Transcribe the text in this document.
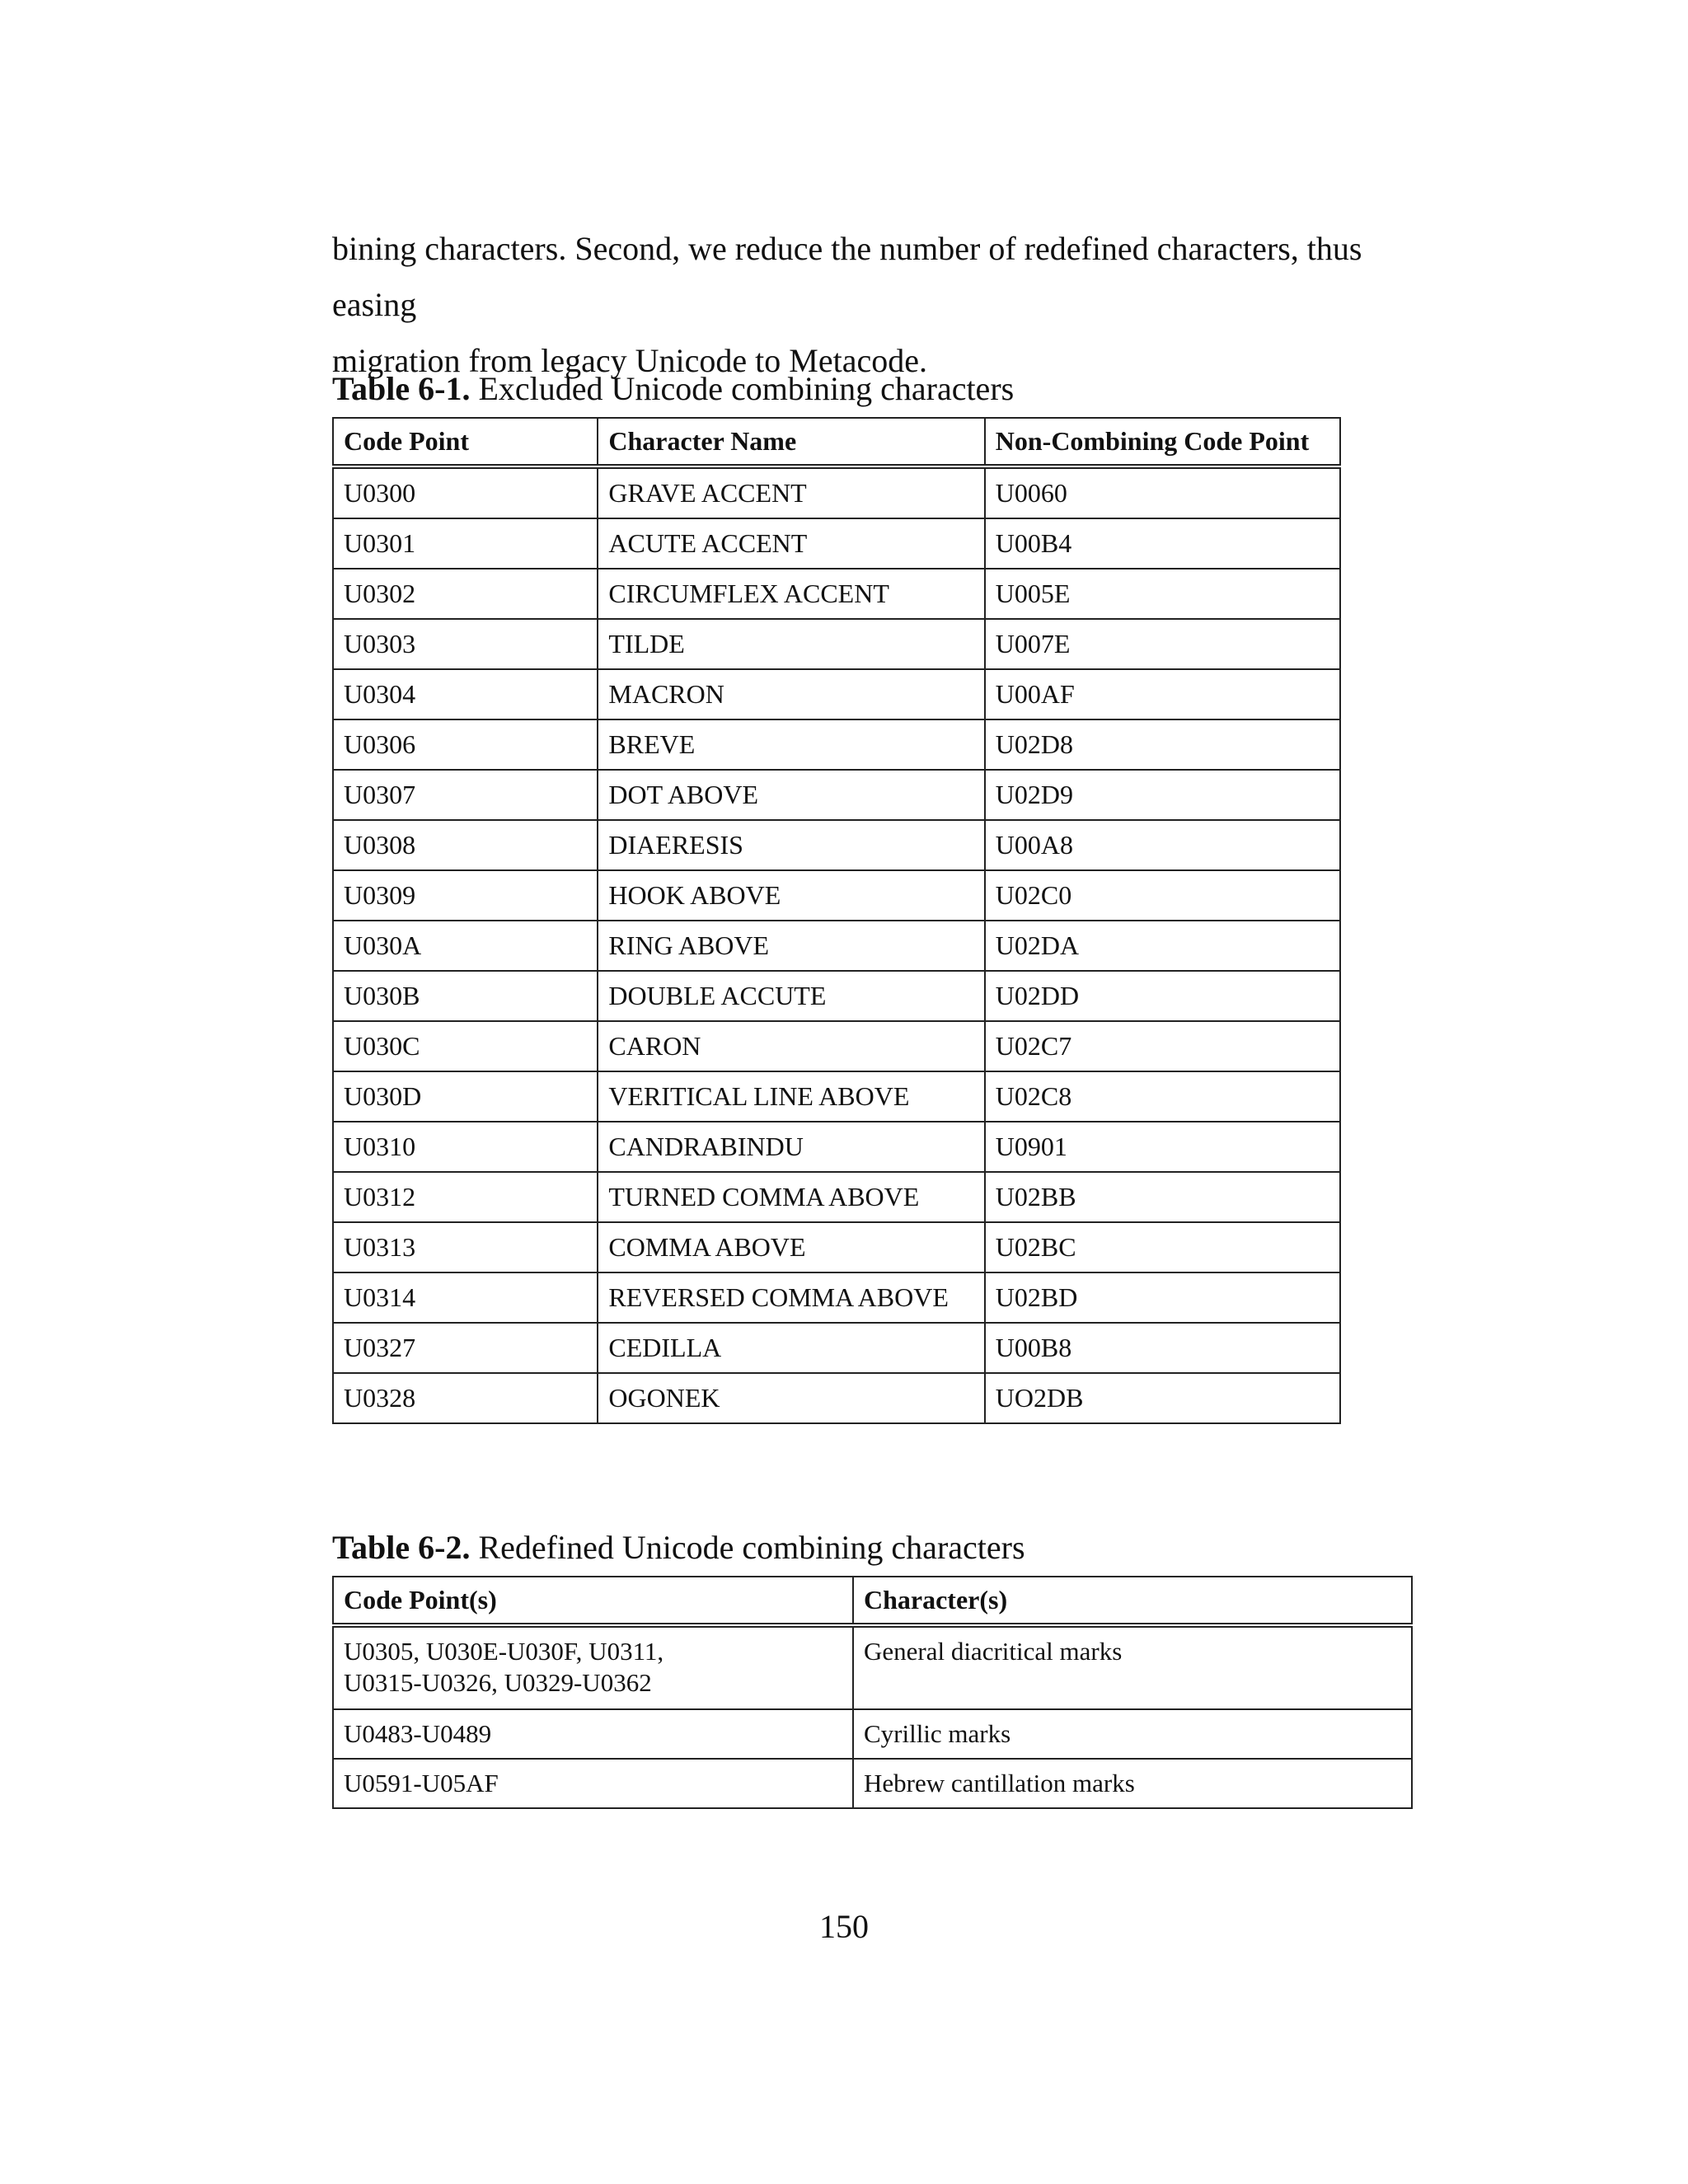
bining characters. Second, we reduce the number of redefined characters, thus easing
migration from legacy Unicode to Metacode.

Table 6-1. Excluded Unicode combining characters

Code Point	Character Name	Non-Combining Code Point
U0300	GRAVE ACCENT	U0060
U0301	ACUTE ACCENT	U00B4
U0302	CIRCUMFLEX ACCENT	U005E
U0303	TILDE	U007E
U0304	MACRON	U00AF
U0306	BREVE	U02D8
U0307	DOT ABOVE	U02D9
U0308	DIAERESIS	U00A8
U0309	HOOK ABOVE	U02C0
U030A	RING ABOVE	U02DA
U030B	DOUBLE ACCUTE	U02DD
U030C	CARON	U02C7
U030D	VERITICAL LINE ABOVE	U02C8
U0310	CANDRABINDU	U0901
U0312	TURNED COMMA ABOVE	U02BB
U0313	COMMA ABOVE	U02BC
U0314	REVERSED COMMA ABOVE	U02BD
U0327	CEDILLA	U00B8
U0328	OGONEK	UO2DB

Table 6-2. Redefined Unicode combining characters

Code Point(s)	Character(s)
U0305, U030E-U030F, U0311,
U0315-U0326, U0329-U0362	General diacritical marks
U0483-U0489	Cyrillic marks
U0591-U05AF	Hebrew cantillation marks

150
